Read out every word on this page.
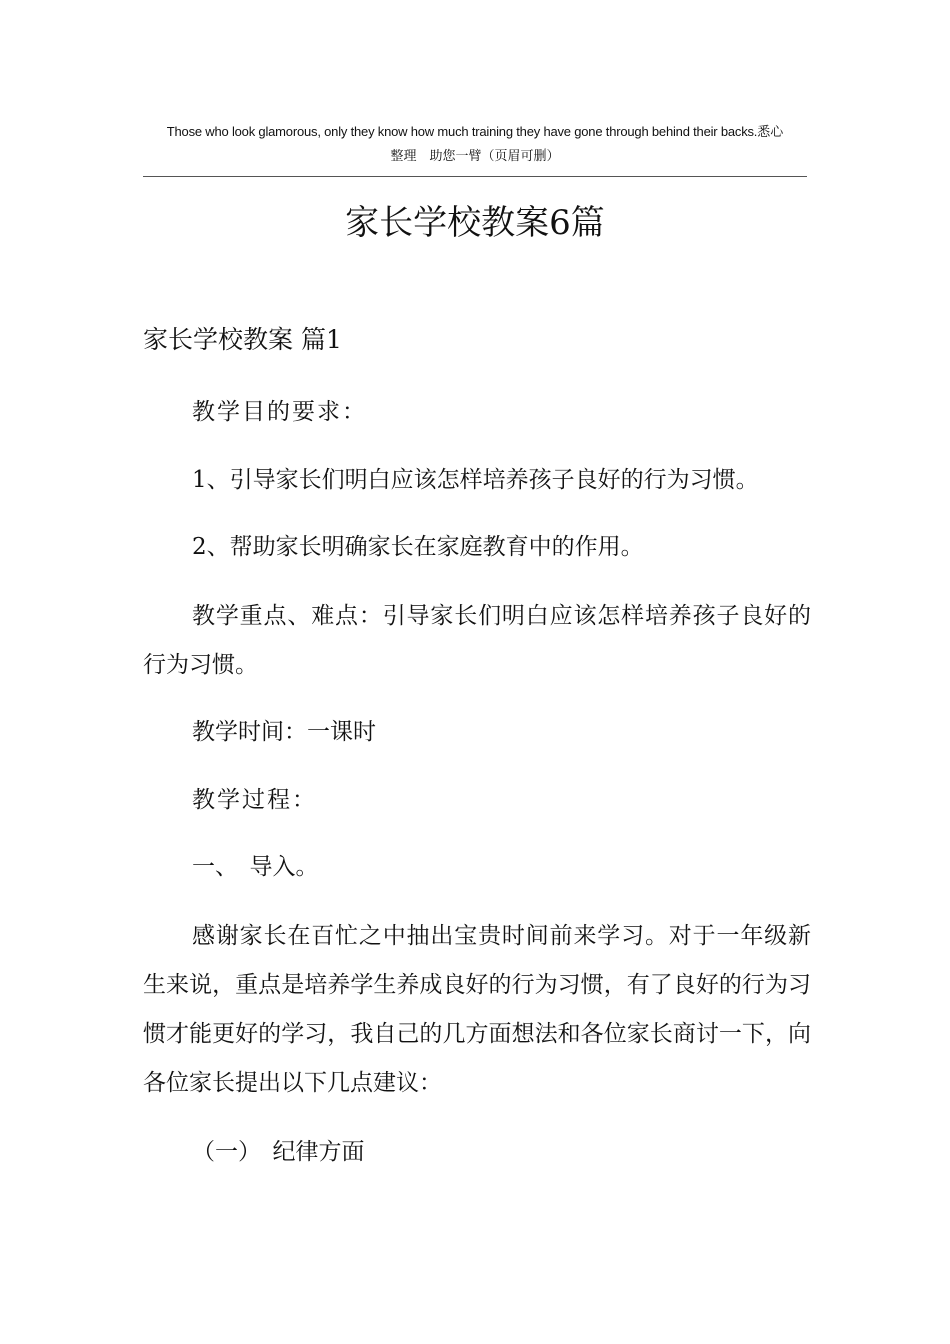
Those who look glamorous, only they know how much training they have gone through behind their backs.悉心
整理　助您一臂（页眉可删）
家长学校教案6篇
家长学校教案 篇1

教学目的要求：

1、引导家长们明白应该怎样培养孩子良好的行为习惯。

2、帮助家长明确家长在家庭教育中的作用。

教学重点、难点：引导家长们明白应该怎样培养孩子良好的行为习惯。

教学时间：一课时

教学过程：

一、　导入。

感谢家长在百忙之中抽出宝贵时间前来学习。对于一年级新生来说，重点是培养学生养成良好的行为习惯，有了良好的行为习惯才能更好的学习，我自己的几方面想法和各位家长商讨一下，向各位家长提出以下几点建议：

（一）　纪律方面
